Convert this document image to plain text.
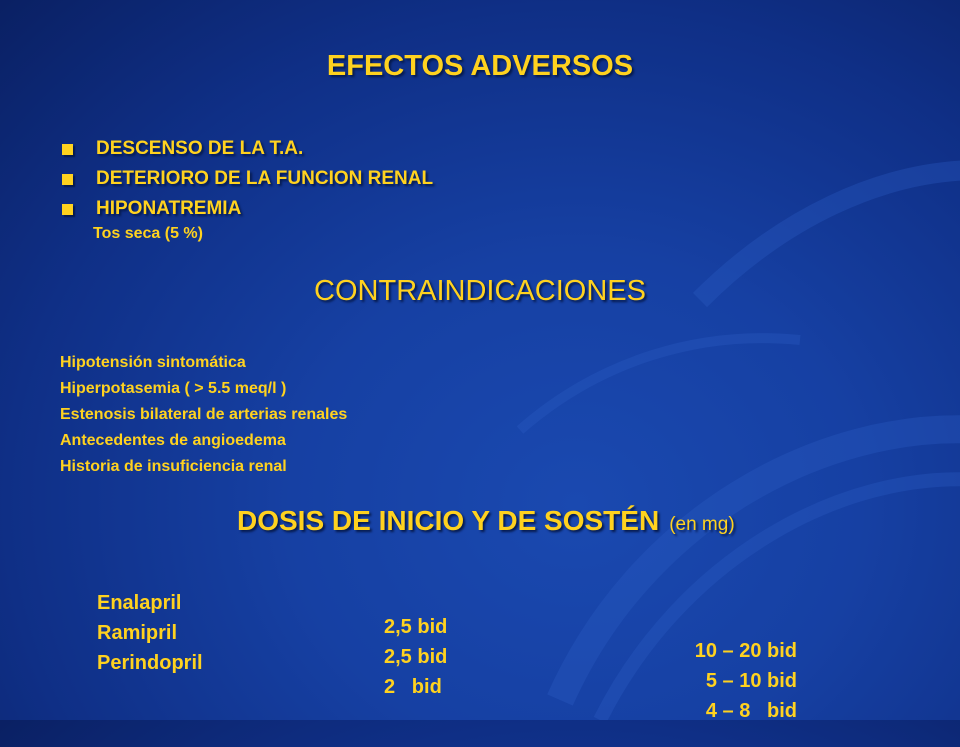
EFECTOS ADVERSOS
DESCENSO DE LA T.A.
DETERIORO DE LA FUNCION RENAL
HIPONATREMIA
Tos seca (5 %)
CONTRAINDICACIONES
Hipotensión sintomática
Hiperpotasemia ( > 5.5 meq/l )
Estenosis bilateral de arterias renales
Antecedentes de angioedema
Historia de insuficiencia renal
DOSIS DE INICIO Y DE SOSTÉN (en mg)

Enalapril

2,5 bid

10 – 20 bid

Ramipril

2,5 bid

5 – 10 bid

Perindopril

2   bid

4 – 8   bid
